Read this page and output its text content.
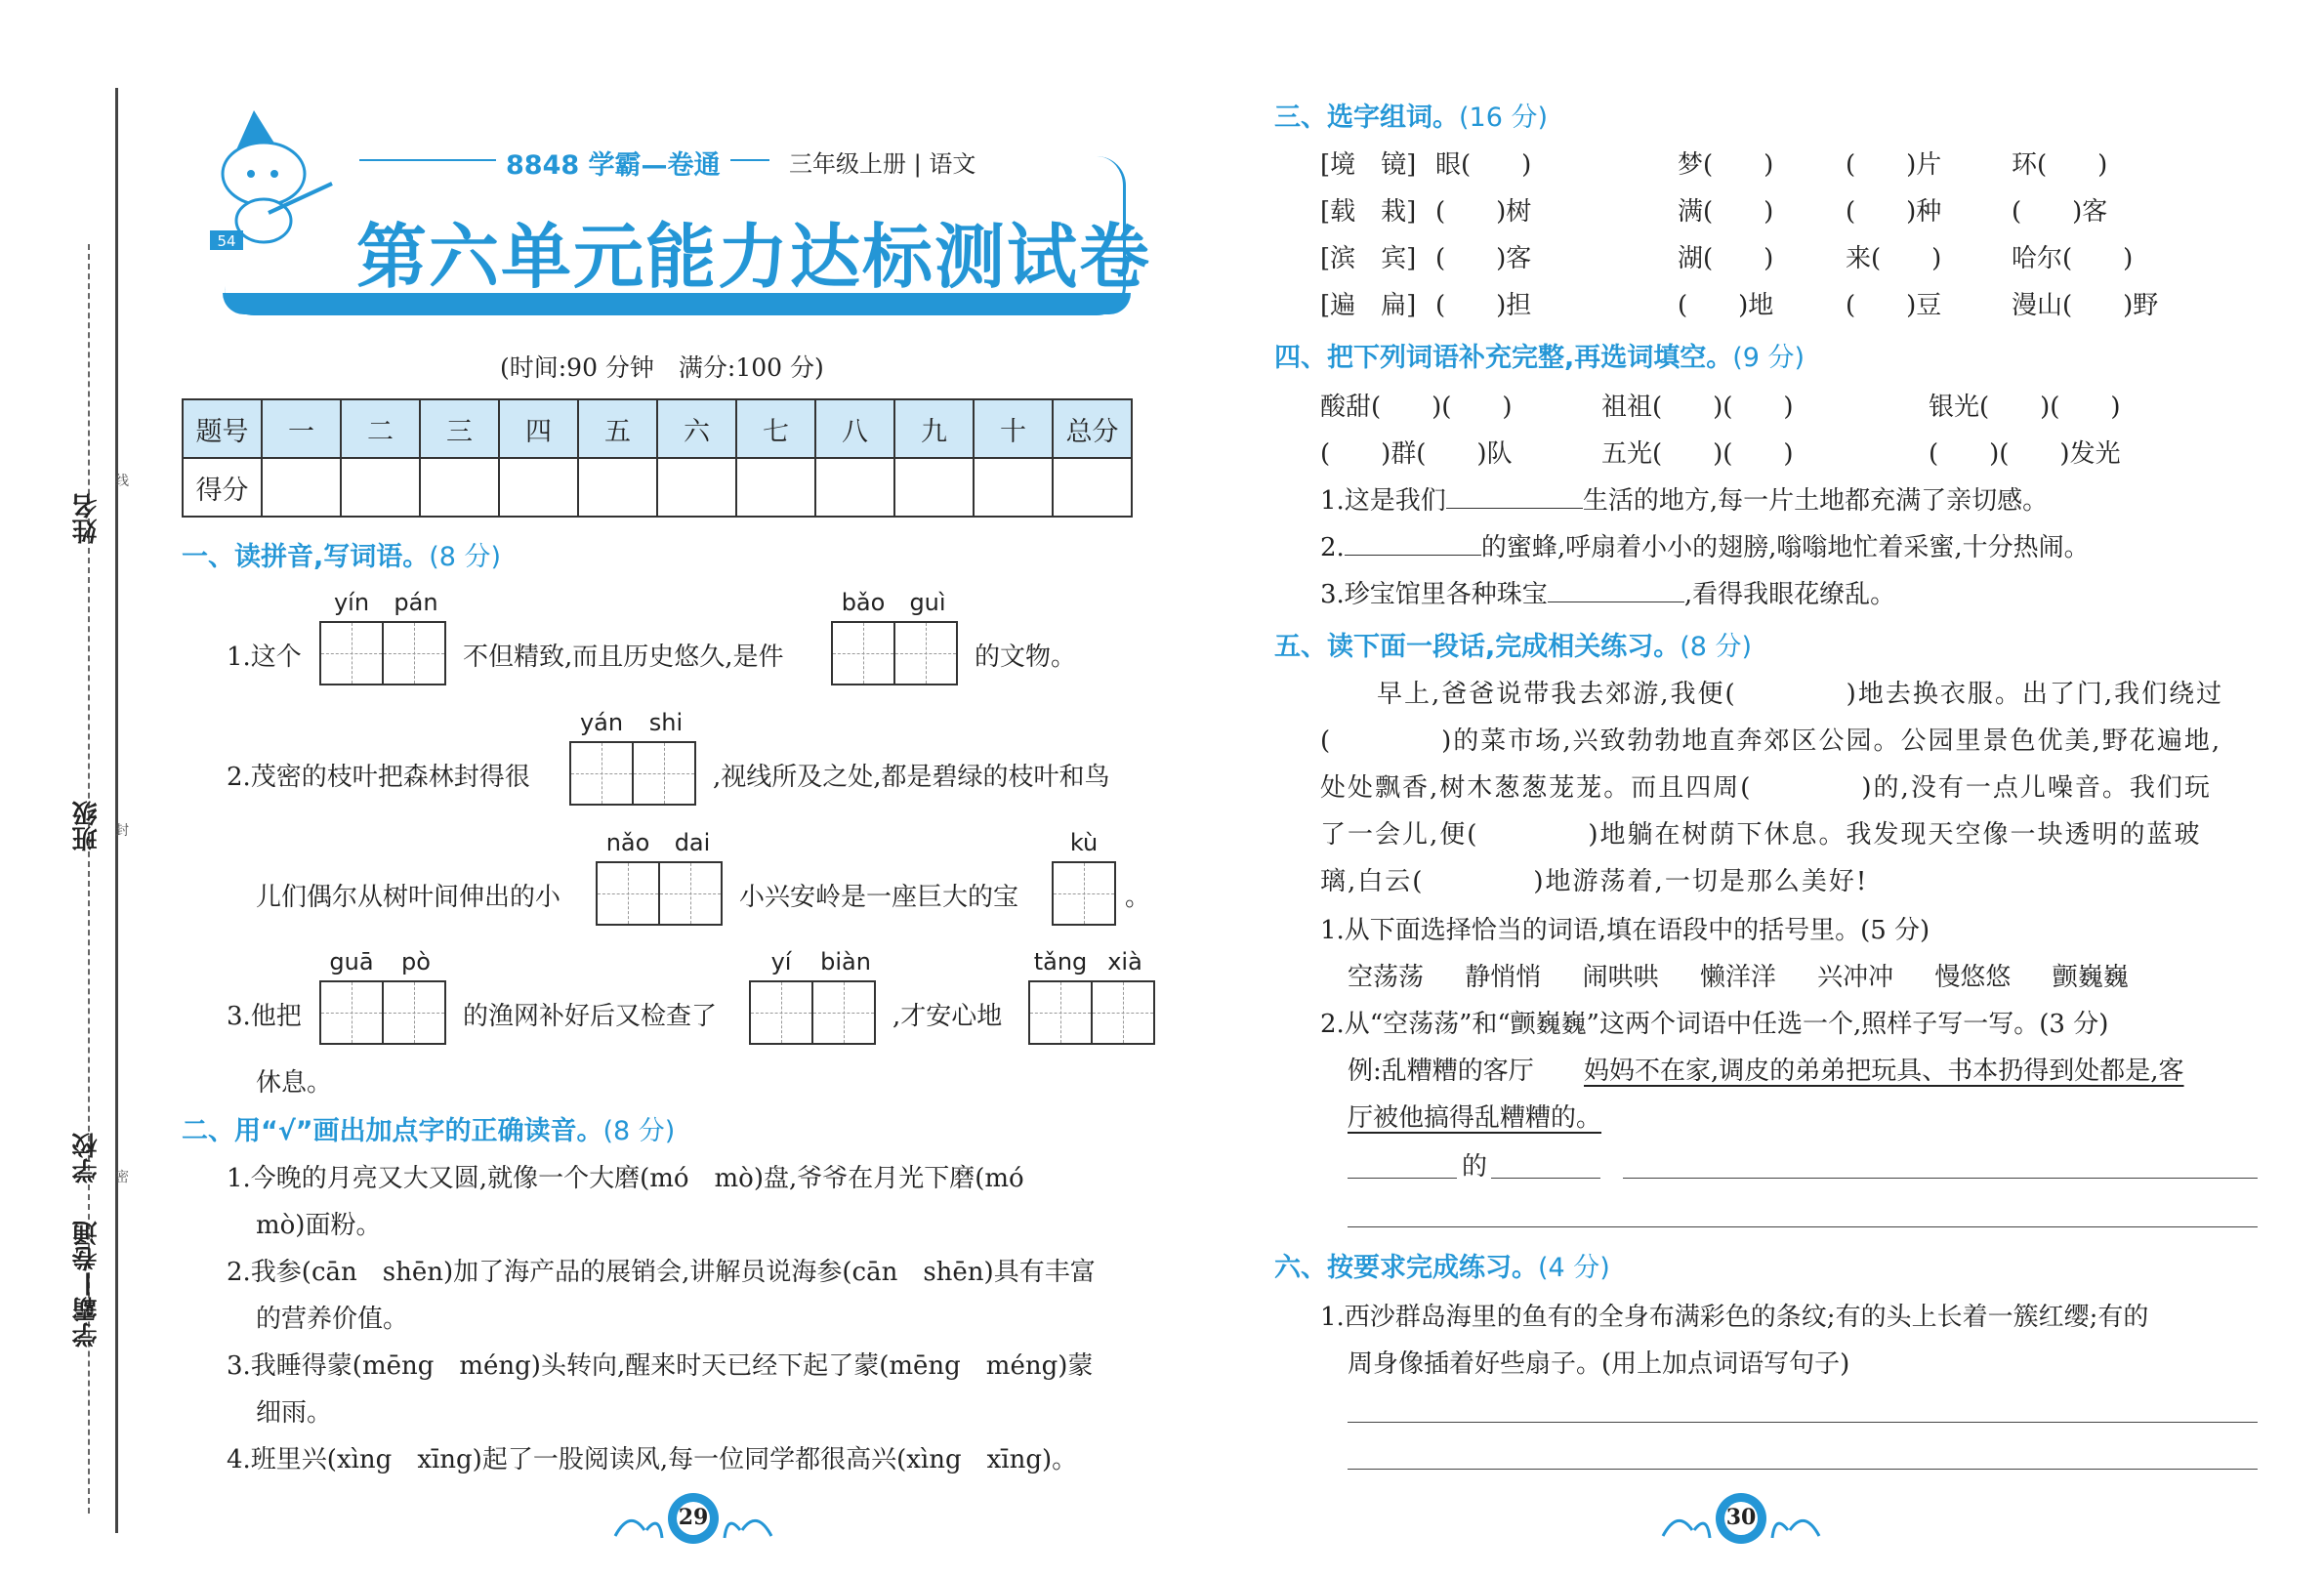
姓名
线
班级 封
学校 密
学霸—卷通
54
8848 学霸—卷通	三年级上册 | 语文
第六单元能力达标测试卷
(时间:90 分钟　满分:100 分)
题号	一	二	三	四	五	六	七	八	九	十	总分
得分											
一、读拼音,写词语。(8 分)
1.这个
yín	pán
不但精致,而且历史悠久,是件
bǎo	guì
的文物。
2.茂密的枝叶把森林封得很
yán	shi
,视线所及之处,都是碧绿的枝叶和鸟
儿们偶尔从树叶间伸出的小
nǎo	dai
小兴安岭是一座巨大的宝
kù
。
3.他把
guā	pò
的渔网补好后又检查了
yí	biàn
,才安心地
tǎng xià
休息。
二、用“√”画出加点字的正确读音。(8 分)
1.今晚的月亮又大又圆,就像一个大磨(mó　mò)盘,爷爷在月光下磨(mó
mò)面粉。
2.我参(cān　shēn)加了海产品的展销会,讲解员说海参(cān　shēn)具有丰富
的营养价值。
3.我睡得蒙(mēng　méng)头转向,醒来时天已经下起了蒙(mēng　méng)蒙
细雨。
4.班里兴(xìng　xīng)起了一股阅读风,每一位同学都很高兴(xìng　xīng)。
三、选字组词。(16 分)
[境　镜] 眼(　　)	梦(　　)	(　　)片	环(　　)
[载　栽] (　　)树	满(　　)	(　　)种	(　　)客
[滨　宾] (　　)客	湖(　　)	来(　　)	哈尔(　　)
[遍　扁] (　　)担	(　　)地	(　　)豆	漫山(　　)野
四、把下列词语补充完整,再选词填空。(9 分)
酸甜(　　)(　　)	祖祖(　　)(　　)	银光(　　)(　　)
(　　)群(　　)队	五光(　　)(　　)	(　　)(　　)发光
1.这是我们	生活的地方,每一片土地都充满了亲切感。
2.	的蜜蜂,呼扇着小小的翅膀,嗡嗡地忙着采蜜,十分热闹。
3.珍宝馆里各种珠宝	,看得我眼花缭乱。
五、读下面一段话,完成相关练习。(8 分)
早上,爸爸说带我去郊游,我便(　　　　)地去换衣服。出了门,我们绕过
(　　　　)的菜市场,兴致勃勃地直奔郊区公园。公园里景色优美,野花遍地,
处处飘香,树木葱葱茏茏。而且四周(　　　　)的,没有一点儿噪音。我们玩
了一会儿,便(　　　　)地躺在树荫下休息。我发现天空像一块透明的蓝玻
璃,白云(　　　　)地游荡着,一切是那么美好!
1.从下面选择恰当的词语,填在语段中的括号里。(5 分)
空荡荡 静悄悄 闹哄哄 懒洋洋 兴冲冲 慢悠悠 颤巍巍
2.从“空荡荡”和“颤巍巍”这两个词语中任选一个,照样子写一写。(3 分)
例:乱糟糟的客厅 妈妈不在家,调皮的弟弟把玩具、书本扔得到处都是,客
厅被他搞得乱糟糟的。
的
六、按要求完成练习。(4 分)
1.西沙群岛海里的鱼有的全身布满彩色的条纹;有的头上长着一簇红缨;有的
周身像插着好些扇子。(用上加点词语写句子)
29	30
